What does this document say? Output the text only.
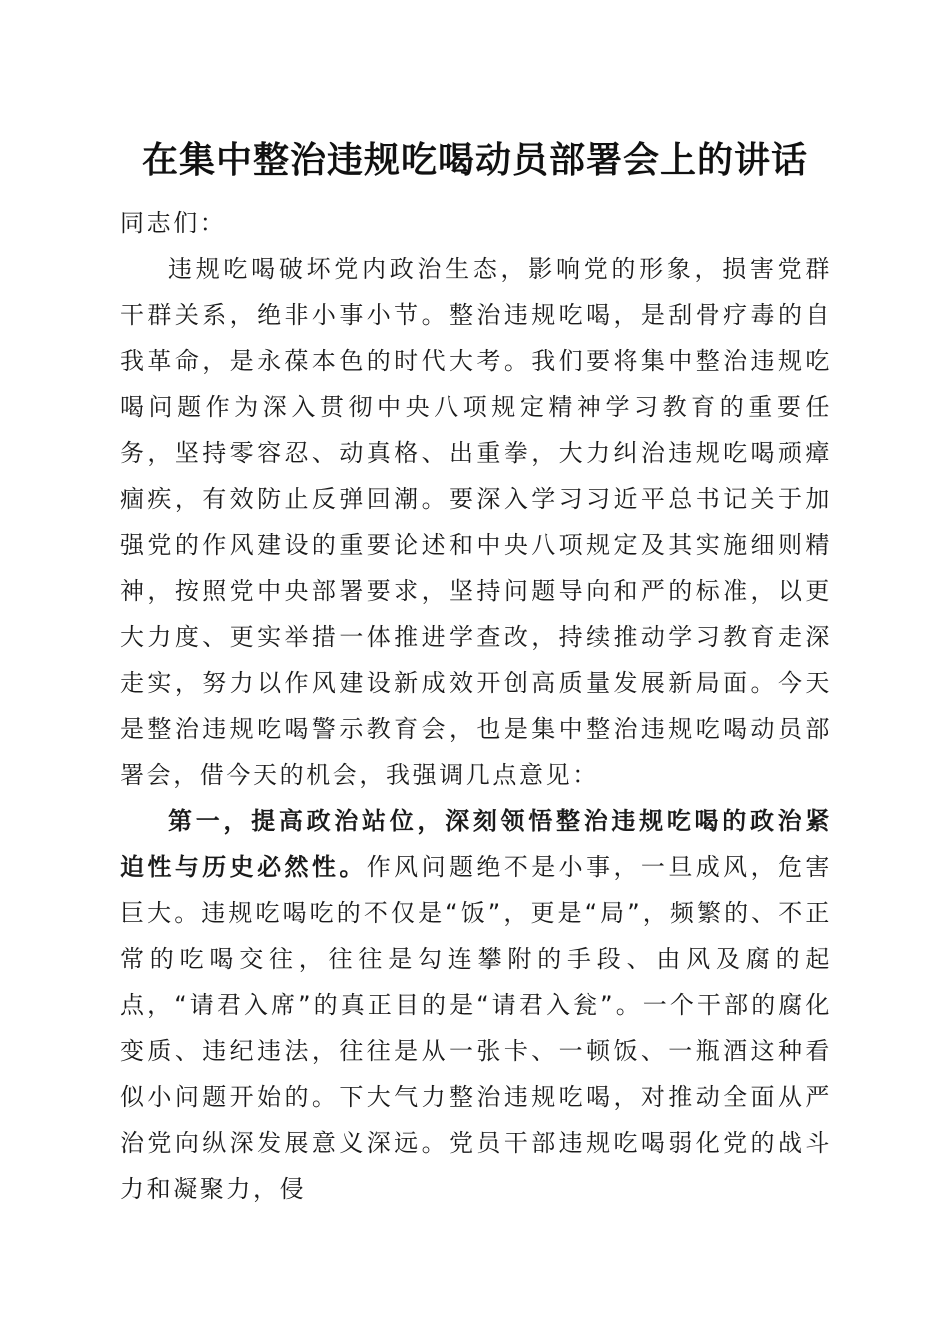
在集中整治违规吃喝动员部署会上的讲话

同志们：

违规吃喝破坏党内政治生态，影响党的形象，损害党群干群关系，绝非小事小节。整治违规吃喝，是刮骨疗毒的自我革命，是永葆本色的时代大考。我们要将集中整治违规吃喝问题作为深入贯彻中央八项规定精神学习教育的重要任务，坚持零容忍、动真格、出重拳，大力纠治违规吃喝顽瘴痼疾，有效防止反弹回潮。要深入学习习近平总书记关于加强党的作风建设的重要论述和中央八项规定及其实施细则精神，按照党中央部署要求，坚持问题导向和严的标准，以更大力度、更实举措一体推进学查改，持续推动学习教育走深走实，努力以作风建设新成效开创高质量发展新局面。今天是整治违规吃喝警示教育会，也是集中整治违规吃喝动员部署会，借今天的机会，我强调几点意见：

第一，提高政治站位，深刻领悟整治违规吃喝的政治紧迫性与历史必然性。作风问题绝不是小事，一旦成风，危害巨大。违规吃喝吃的不仅是“饭”，更是“局”，频繁的、不正常的吃喝交往，往往是勾连攀附的手段、由风及腐的起点，“请君入席”的真正目的是“请君入瓮”。一个干部的腐化变质、违纪违法，往往是从一张卡、一顿饭、一瓶酒这种看似小问题开始的。下大气力整治违规吃喝，对推动全面从严治党向纵深发展意义深远。党员干部违规吃喝弱化党的战斗力和凝聚力，侵
